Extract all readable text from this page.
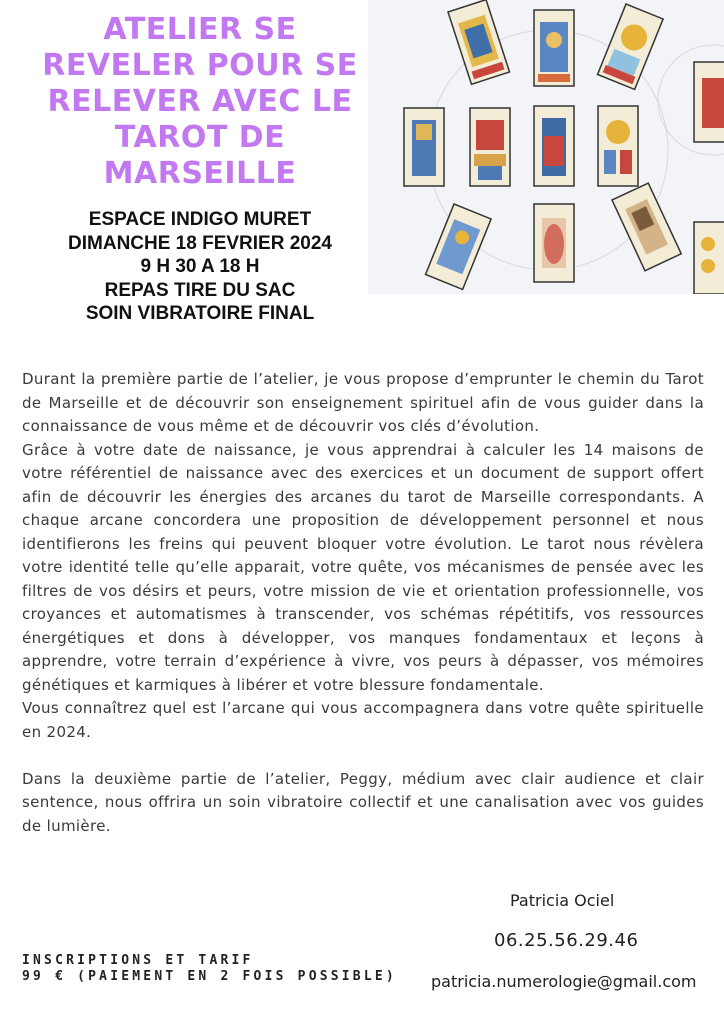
ATELIER SE
REVELER POUR SE
RELEVER AVEC LE
TAROT DE
MARSEILLE
ESPACE INDIGO MURET
DIMANCHE 18 FEVRIER 2024
9 H 30 A 18 H
REPAS TIRE DU SAC
SOIN VIBRATOIRE FINAL

Durant la première partie de l’atelier, je vous propose d’emprunter le chemin du Tarot de Marseille et de découvrir son enseignement spirituel afin de vous guider dans la connaissance de vous même et de découvrir vos clés d’évolution.

Grâce à votre date de naissance, je vous apprendrai à calculer les 14 maisons de votre référentiel de naissance avec des exercices et un document de support offert afin de découvrir les énergies des arcanes du tarot de Marseille correspondants. A chaque arcane concordera une proposition de développement personnel et nous identifierons les freins qui peuvent bloquer votre évolution. Le tarot nous révèlera votre identité telle qu’elle apparait, votre quête, vos mécanismes de pensée avec les filtres de vos désirs et peurs, votre mission de vie et orientation professionnelle, vos croyances et automatismes à transcender, vos schémas répétitifs, vos ressources énergétiques et dons à développer, vos manques fondamentaux et leçons à apprendre, votre terrain d’expérience à vivre, vos peurs à dépasser, vos mémoires génétiques et karmiques à libérer et votre blessure fondamentale.

Vous connaîtrez quel est l’arcane qui vous accompagnera dans votre quête spirituelle en 2024.

Dans la deuxième partie de l’atelier, Peggy, médium avec clair audience et clair sentence, nous offrira un soin vibratoire collectif et une canalisation avec vos guides de lumière.

Patricia Ociel
06.25.56.29.46
patricia.numerologie@gmail.com
INSCRIPTIONS ET TARIF
99 € (PAIEMENT EN 2 FOIS POSSIBLE)
